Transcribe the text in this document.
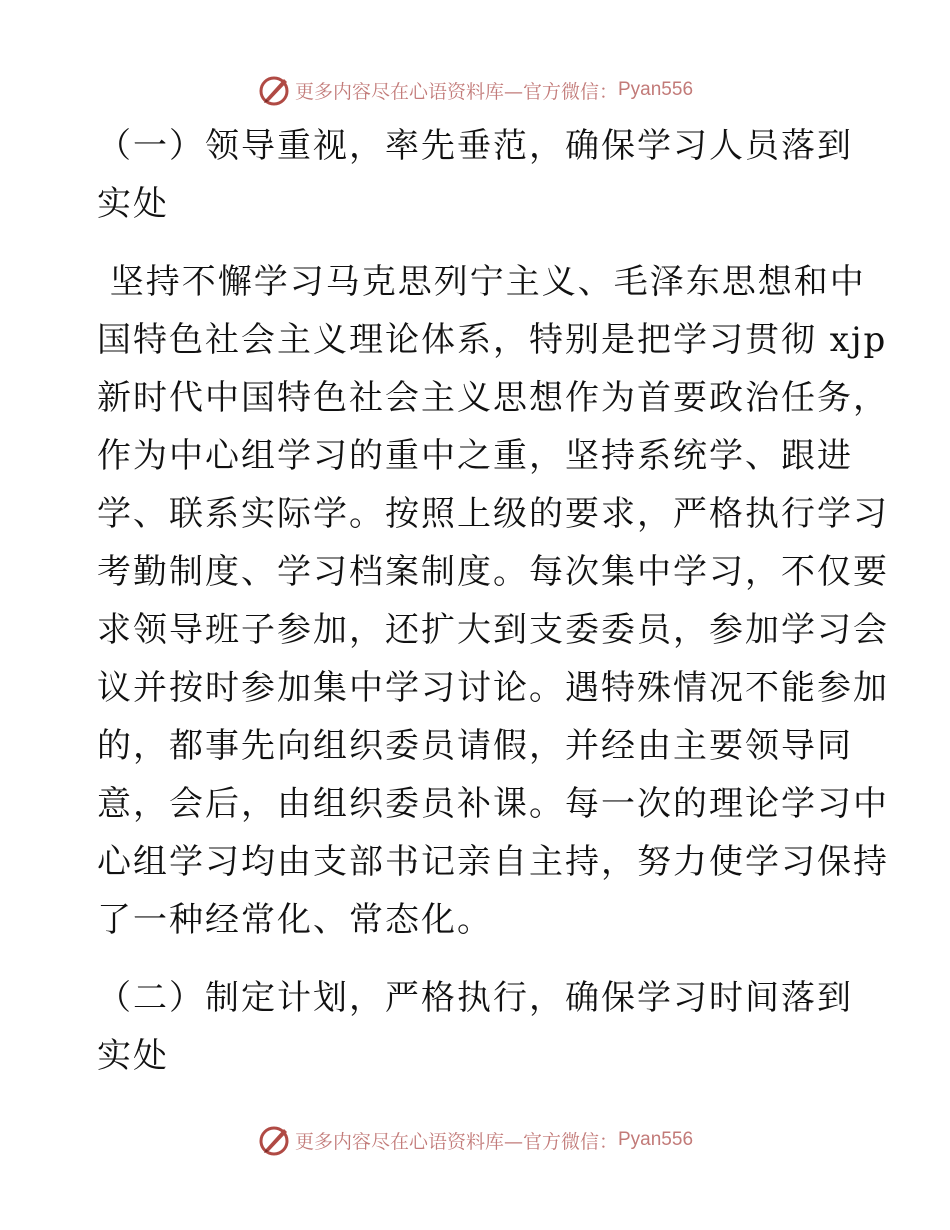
更多内容尽在心语资料库—官方微信： Pyan556
（一）领导重视，率先垂范，确保学习人员落到
实处
坚持不懈学习马克思列宁主义、毛泽东思想和中
国特色社会主义理论体系，特别是把学习贯彻 xjp
新时代中国特色社会主义思想作为首要政治任务，
作为中心组学习的重中之重，坚持系统学、跟进
学、联系实际学。按照上级的要求，严格执行学习
考勤制度、学习档案制度。每次集中学习，不仅要
求领导班子参加，还扩大到支委委员，参加学习会
议并按时参加集中学习讨论。遇特殊情况不能参加
的，都事先向组织委员请假，并经由主要领导同
意，会后，由组织委员补课。每一次的理论学习中
心组学习均由支部书记亲自主持，努力使学习保持
了一种经常化、常态化。
（二）制定计划，严格执行，确保学习时间落到
实处
更多内容尽在心语资料库—官方微信： Pyan556
